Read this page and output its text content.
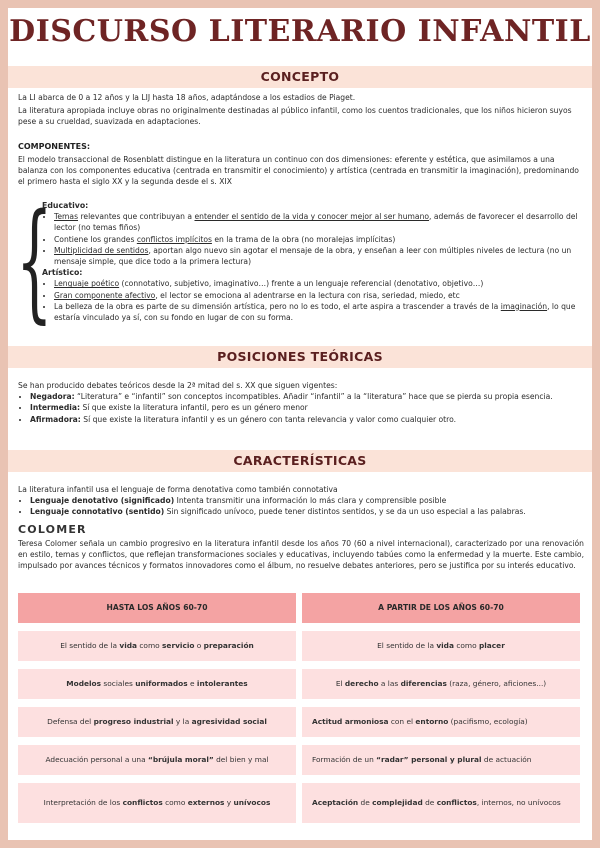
DISCURSO LITERARIO INFANTIL
CONCEPTO

La LI abarca de 0 a 12 años y la LIJ hasta 18 años, adaptándose a los estadios de Piaget.

La literatura apropiada incluye obras no originalmente destinadas al público infantil, como los cuentos tradicionales, que los niños hicieron suyos pese a su crueldad, suavizada en adaptaciones.

COMPONENTES:
El modelo transaccional de Rosenblatt distingue en la literatura un continuo con dos dimensiones: eferente y estética, que asimilamos a una balanza con los componentes educativa (centrada en transmitir el conocimiento) y artística (centrada en transmitir la imaginación), predominando el primero hasta el siglo XX y la segunda desde el s. XIX
{
Educativo:
• Temas relevantes que contribuyan a entender el sentido de la vida y conocer mejor al ser humano, además de favorecer el desarrollo del lector (no temas fiños)
• Contiene los grandes conflictos implícitos en la trama de la obra (no moralejas implícitas)
• Multiplicidad de sentidos, aportan algo nuevo sin agotar el mensaje de la obra, y enseñan a leer con múltiples niveles de lectura (no un mensaje simple, que dice todo a la primera lectura)
Artístico:
• Lenguaje poético (connotativo, subjetivo, imaginativo…) frente a un lenguaje referencial (denotativo, objetivo…)
• Gran componente afectivo, el lector se emociona al adentrarse en la lectura con risa, seriedad, miedo, etc
• La belleza de la obra es parte de su dimensión artística, pero no lo es todo, el arte aspira a trascender a través de la imaginación, lo que estaría vinculado ya sí, con su fondo en lugar de con su forma.
POSICIONES TEÓRICAS

Se han producido debates teóricos desde la 2ª mitad del s. XX que siguen vigentes:

• Negadora: “Literatura” e “infantil” son conceptos incompatibles. Añadir “infantil” a la “literatura” hace que se pierda su propia esencia.
• Intermedia: Sí que existe la literatura infantil, pero es un género menor
• Afirmadora: Sí que existe la literatura infantil y es un género con tanta relevancia y valor como cualquier otro.
CARACTERÍSTICAS

La literatura infantil usa el lenguaje de forma denotativa como también connotativa

• Lenguaje denotativo (significado) Intenta transmitir una información lo más clara y comprensible posible
• Lenguaje connotativo (sentido) Sin significado unívoco, puede tener distintos sentidos, y se da un uso especial a las palabras.
COLOMER
Teresa Colomer señala un cambio progresivo en la literatura infantil desde los años 70 (60 a nivel internacional), caracterizado por una renovación en estilo, temas y conflictos, que reflejan transformaciones sociales y educativas, incluyendo tabúes como la enfermedad y la muerte. Este cambio, impulsado por avances técnicos y formatos innovadores como el álbum, no resuelve debates anteriores, pero se justifica por su interés educativo.
HASTA LOS AÑOS 60-70	A PARTIR DE LOS AÑOS 60-70
El sentido de la vida como servicio o preparación	El sentido de la vida como placer
Modelos sociales uniformados e intolerantes	El derecho a las diferencias (raza, género, aficiones...)
Defensa del progreso industrial y la agresividad social	Actitud armoniosa con el entorno (pacifismo, ecología)
Adecuación personal a una “brújula moral” del bien y mal	Formación de un “radar” personal y plural de actuación
Interpretación de los conflictos como externos y unívocos	Aceptación de complejidad de conflictos, internos, no unívocos
